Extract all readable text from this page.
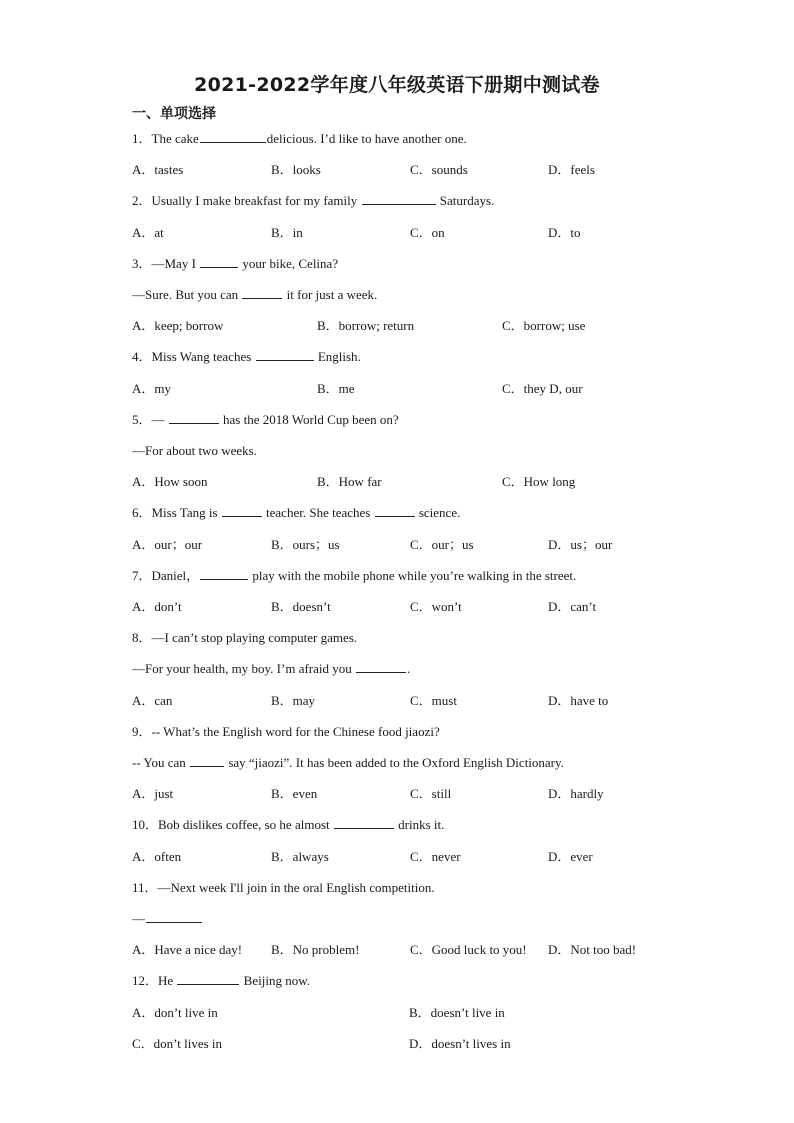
2021-2022学年度八年级英语下册期中测试卷
一、单项选择
1．The cake	delicious. I’d like to have another one.
A．tastes	B．looks	C．sounds	D．feels
2．Usually I make breakfast for my family	Saturdays.
A．at	B．in	C．on	D．to
3．—May I	your bike, Celina?
—Sure. But you can	it for just a week.
A．keep; borrow	B．borrow; return	C．borrow; use
4．Miss Wang teaches	English.
A．my	B．me	C．they D, our
5．—	has the 2018 World Cup been on?
—For about two weeks.
A．How soon	B．How far	C．How long
6．Miss Tang is	teacher. She teaches	science.
A．our；our	B．ours；us	C．our；us	D．us；our
7．Daniel，	play with the mobile phone while you’re walking in the street.
A．don’t	B．doesn’t	C．won’t	D．can’t
8．—I can’t stop playing computer games.
—For your health, my boy. I’m afraid you	.
A．can	B．may	C．must	D．have to
9．-- What’s the English word for the Chinese food jiaozi?
-- You can	say “jiaozi”. It has been added to the Oxford English Dictionary.
A．just	B．even	C．still	D．hardly
10．Bob dislikes coffee, so he almost	drinks it.
A．often	B．always	C．never	D．ever
11．—Next week I'll join in the oral English competition.
—
A．Have a nice day! B．No problem!	C．Good luck to you! D．Not too bad!
12．He	Beijing now.
A．don’t live in	B．doesn’t live in
C．don’t lives in	D．doesn’t lives in
